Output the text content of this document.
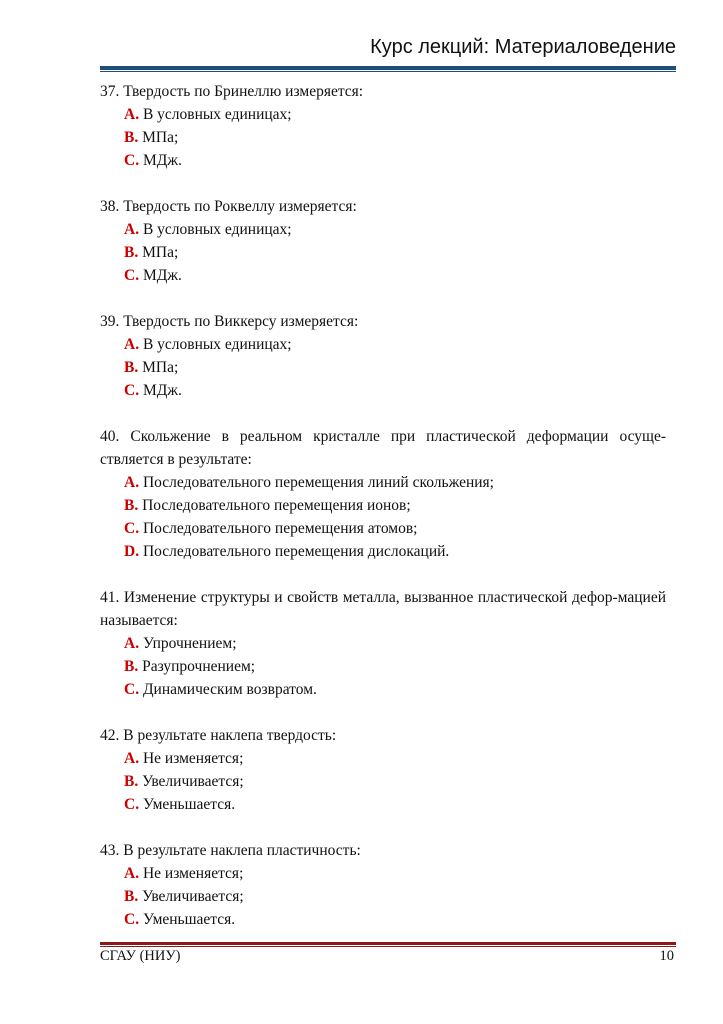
Курс лекций: Материаловедение
37. Твердость по Бринеллю измеряется:
A. В условных единицах;
B. МПа;
C. МДж.
38. Твердость по Роквеллу измеряется:
A. В условных единицах;
B. МПа;
C. МДж.
39. Твердость по Виккерсу измеряется:
A. В условных единицах;
B. МПа;
C. МДж.
40. Скольжение в реальном кристалле при пластической деформации осуще-ствляется в результате:
A. Последовательного перемещения линий скольжения;
B. Последовательного перемещения ионов;
C. Последовательного перемещения атомов;
D. Последовательного перемещения дислокаций.
41. Изменение структуры и свойств металла, вызванное пластической дефор-мацией называется:
A. Упрочнением;
B. Разупрочнением;
C. Динамическим возвратом.
42. В результате наклепа твердость:
A. Не изменяется;
B. Увеличивается;
C. Уменьшается.
43. В результате наклепа пластичность:
A. Не изменяется;
B. Увеличивается;
C. Уменьшается.
СГАУ (НИУ)	10
